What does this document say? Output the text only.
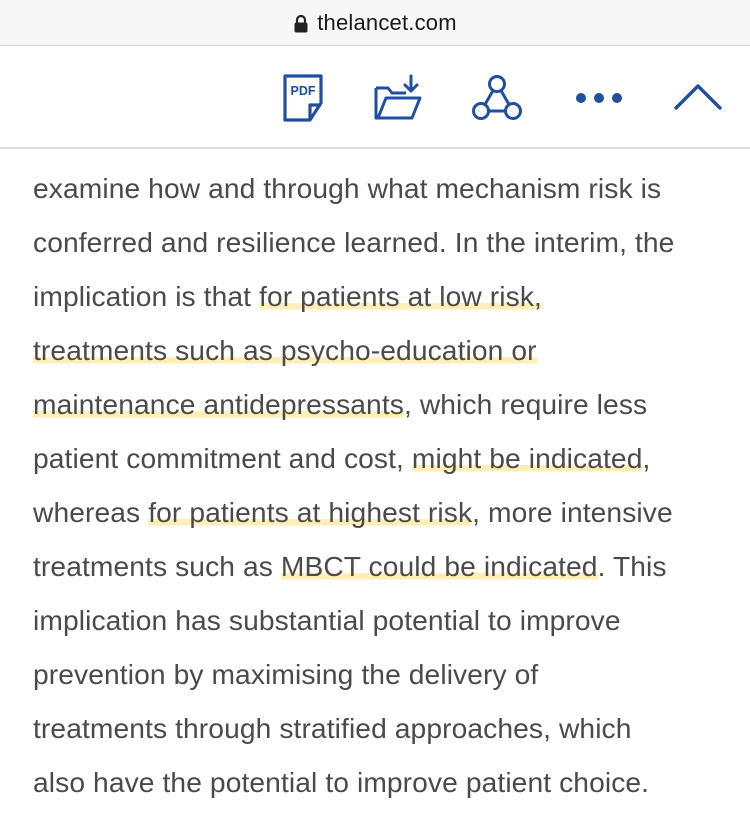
thelancet.com
PDF

examine how and through what mechanism risk is
conferred and resilience learned. In the interim, the
implication is that for patients at low risk,
treatments such as psycho-education or
maintenance antidepressants, which require less
patient commitment and cost, might be indicated,
whereas for patients at highest risk, more intensive
treatments such as MBCT could be indicated. This
implication has substantial potential to improve
prevention by maximising the delivery of
treatments through stratified approaches, which
also have the potential to improve patient choice.
